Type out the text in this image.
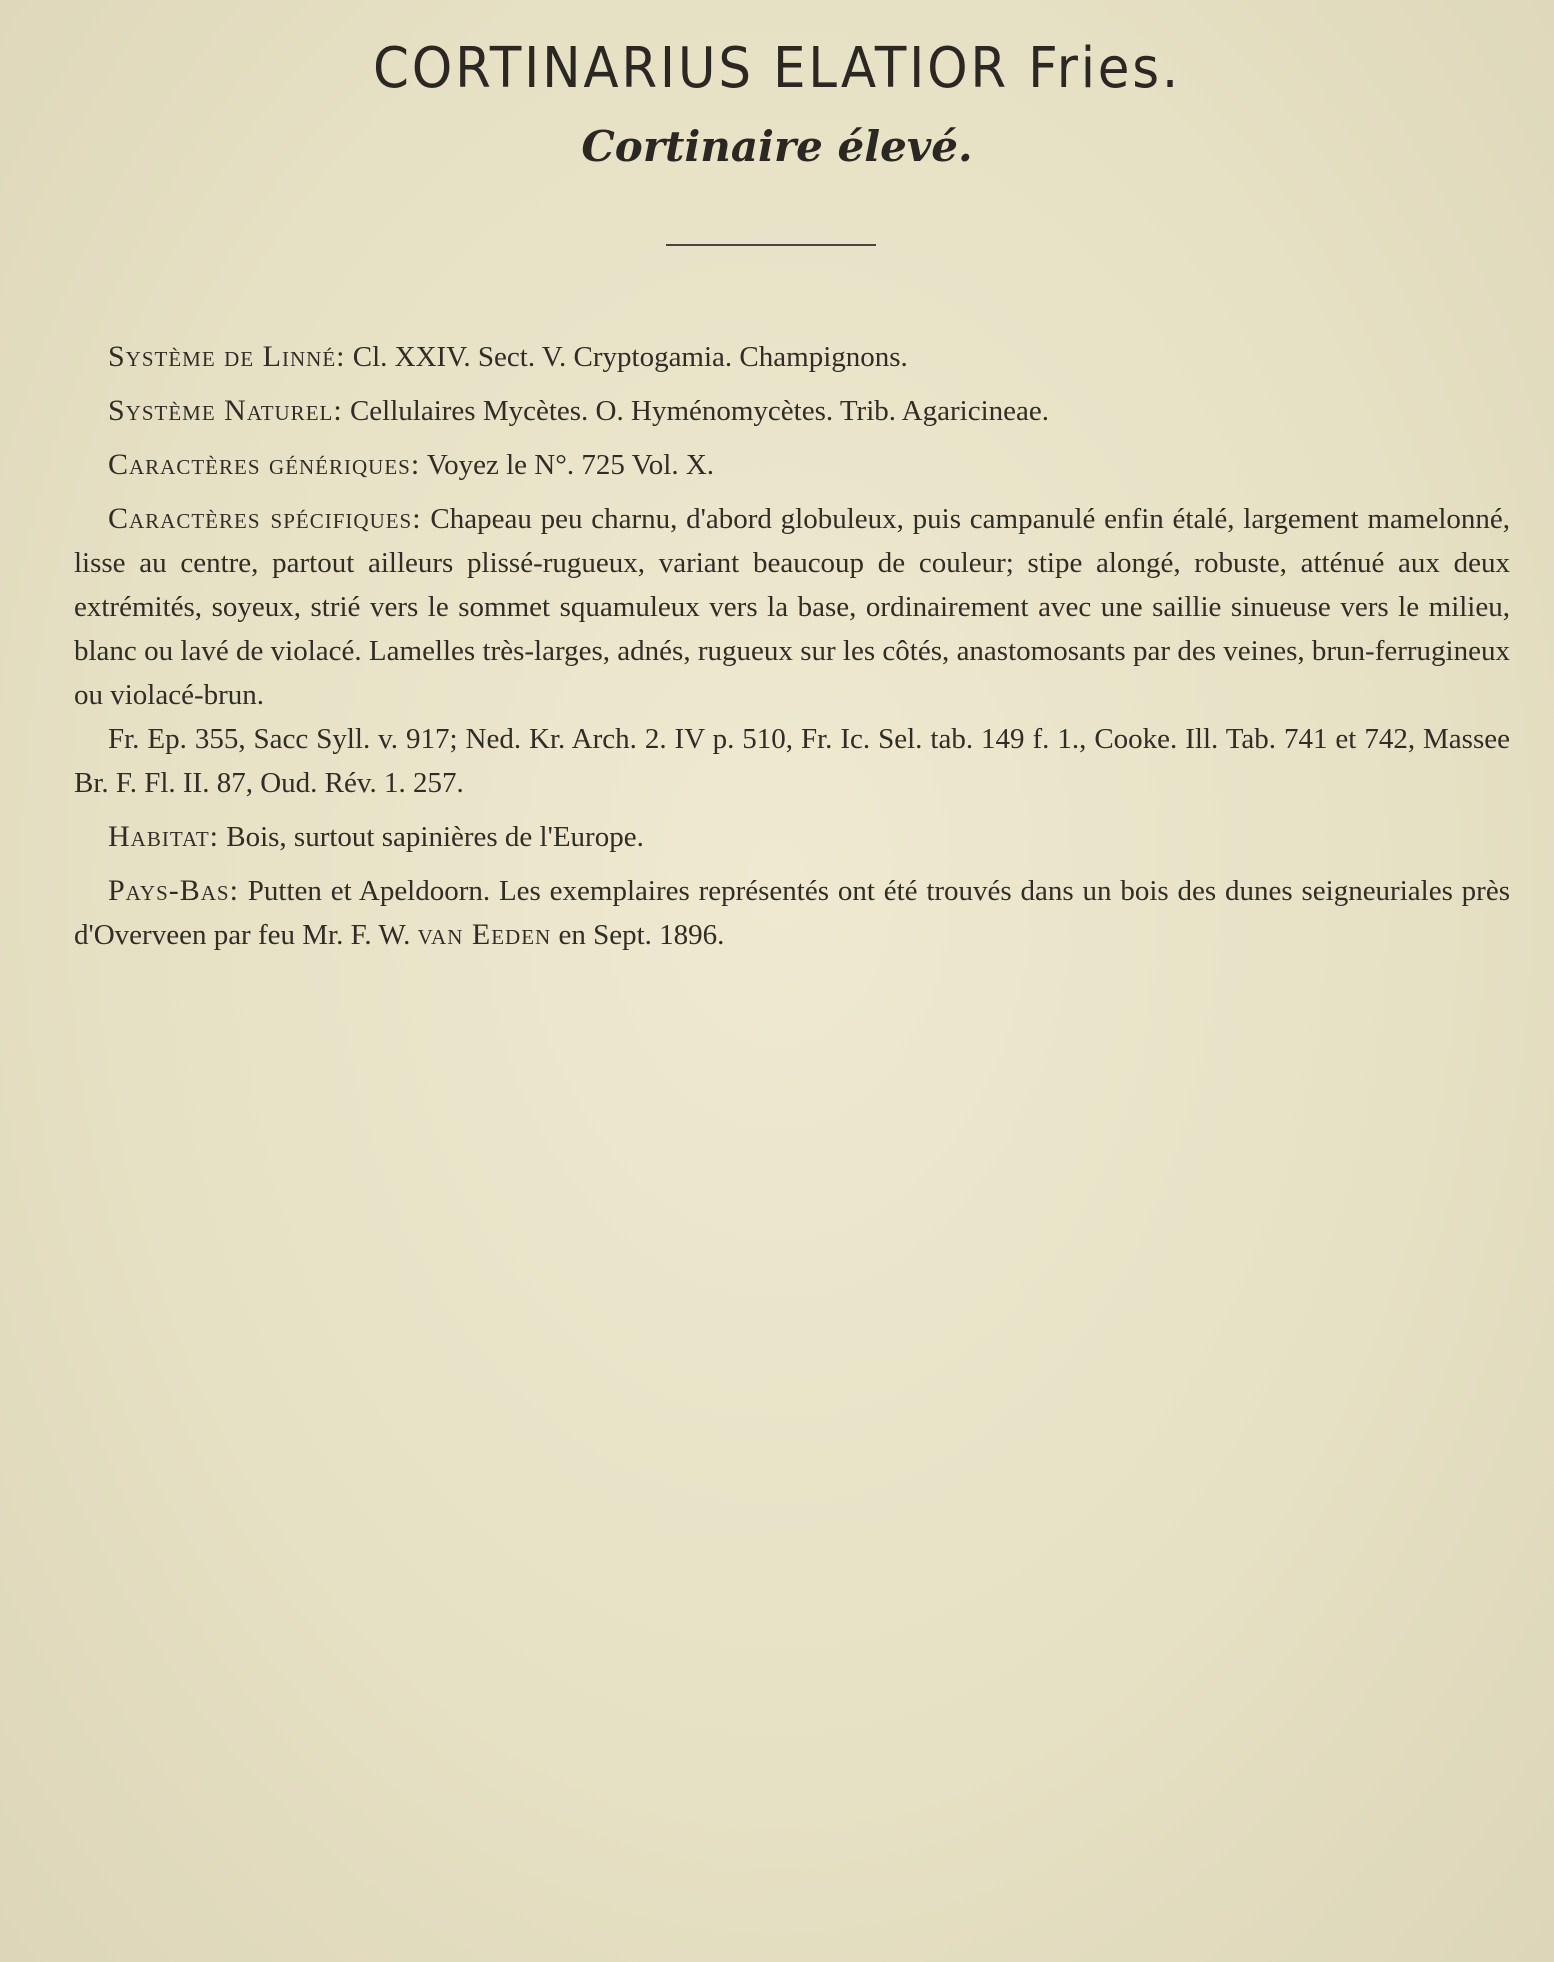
CORTINARIUS ELATIOR Fries.
Cortinaire élevé.

Système de Linné: Cl. XXIV. Sect. V. Cryptogamia. Champignons.

Système Naturel: Cellulaires Mycètes. O. Hyménomycètes. Trib. Agaricineae.

Caractères génériques: Voyez le N°. 725 Vol. X.

Caractères spécifiques: Chapeau peu charnu, d'abord globuleux, puis campanulé enfin étalé, largement mamelonné, lisse au centre, partout ailleurs plissé-rugueux, variant beaucoup de couleur; stipe alongé, robuste, atténué aux deux extrémités, soyeux, strié vers le sommet squamuleux vers la base, ordinairement avec une saillie sinueuse vers le milieu, blanc ou lavé de violacé. Lamelles très-larges, adnés, rugueux sur les côtés, anastomosants par des veines, brun-ferrugineux ou violacé-brun.

Fr. Ep. 355, Sacc Syll. v. 917; Ned. Kr. Arch. 2. IV p. 510, Fr. Ic. Sel. tab. 149 f. 1., Cooke. Ill. Tab. 741 et 742, Massee Br. F. Fl. II. 87, Oud. Rév. 1. 257.

Habitat: Bois, surtout sapinières de l'Europe.

Pays-Bas: Putten et Apeldoorn. Les exemplaires représentés ont été trouvés dans un bois des dunes seigneuriales près d'Overveen par feu Mr. F. W. van Eeden en Sept. 1896.
